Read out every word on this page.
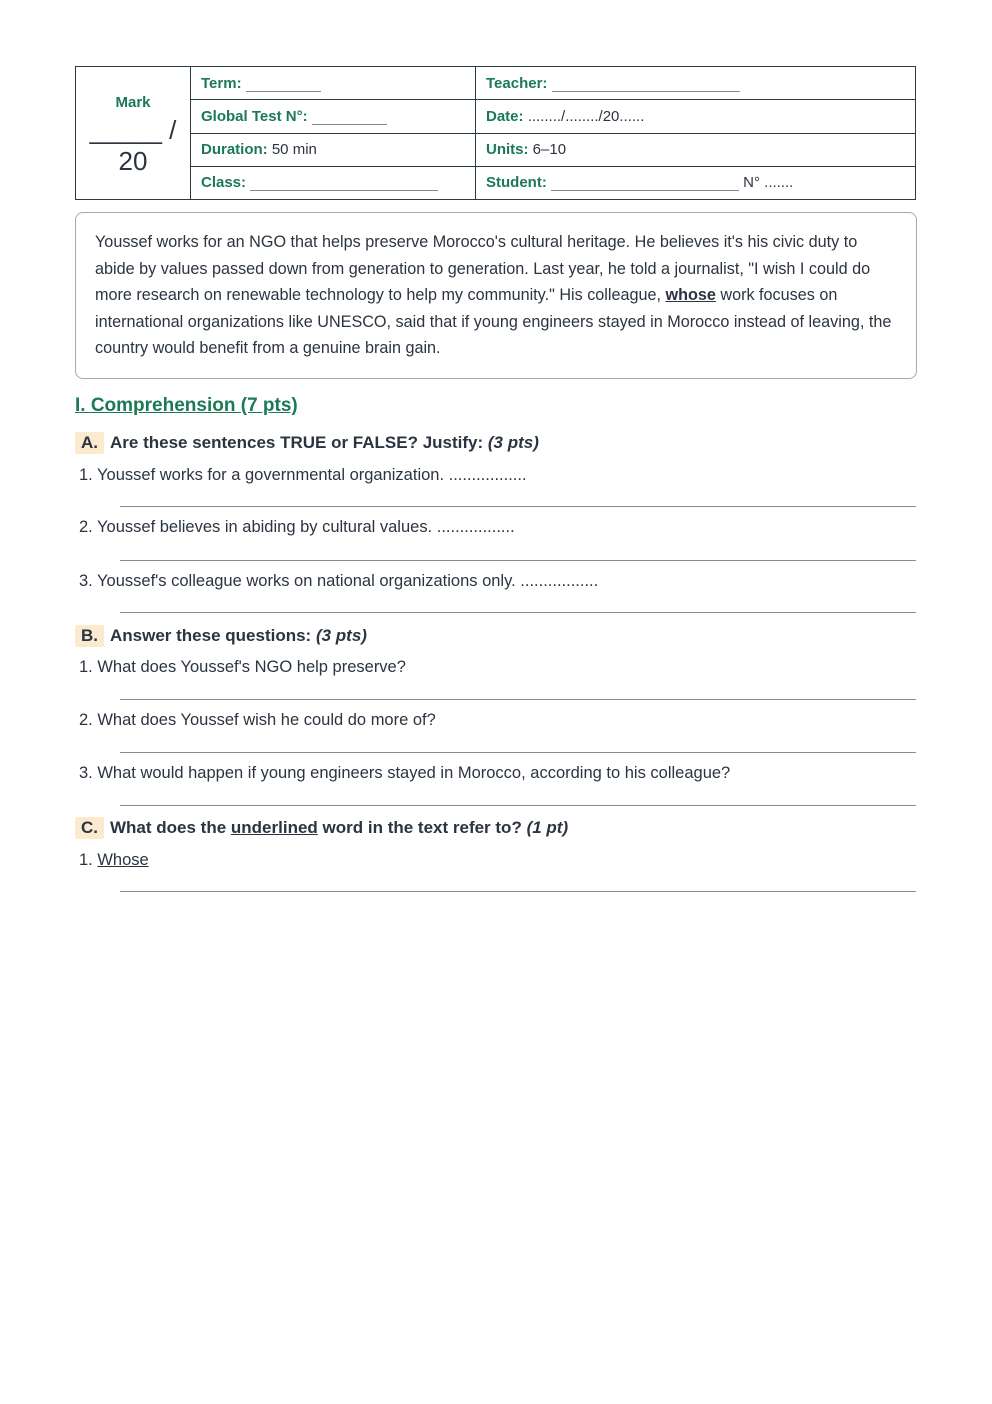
Mark
_____ / 20	Term:	Teacher:
	Global Test N°:	Date: ......../......../20......
	Duration: 50 min	Units: 6–10
	Class:	Student: N° .......
Youssef works for an NGO that helps preserve Morocco's cultural heritage. He believes it's his civic duty to abide by values passed down from generation to generation. Last year, he told a journalist, "I wish I could do more research on renewable technology to help my community." His colleague, whose work focuses on international organizations like UNESCO, said that if young engineers stayed in Morocco instead of leaving, the country would benefit from a genuine brain gain.
I. Comprehension (7 pts)
A. Are these sentences TRUE or FALSE? Justify: (3 pts)
1. Youssef works for a governmental organization. .................
2. Youssef believes in abiding by cultural values. .................
3. Youssef's colleague works on national organizations only. .................
B. Answer these questions: (3 pts)
1. What does Youssef's NGO help preserve?
2. What does Youssef wish he could do more of?
3. What would happen if young engineers stayed in Morocco, according to his colleague?
C. What does the underlined word in the text refer to? (1 pt)
1. Whose
